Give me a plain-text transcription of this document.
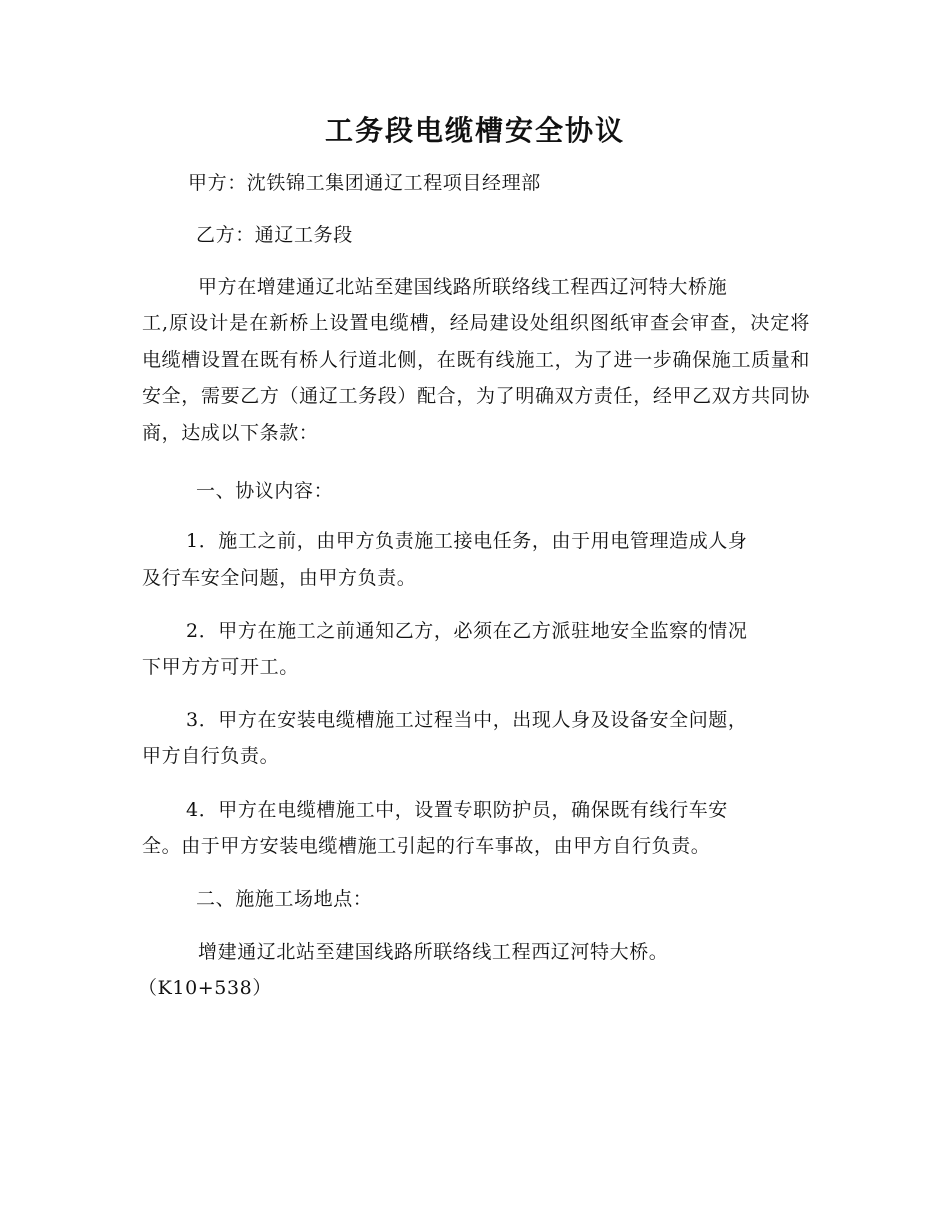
工务段电缆槽安全协议
甲方：沈铁锦工集团通辽工程项目经理部
乙方：通辽工务段
甲方在增建通辽北站至建国线路所联络线工程西辽河特大桥施
工,原设计是在新桥上设置电缆槽，经局建设处组织图纸审查会审查，决定将电缆槽设置在既有桥人行道北侧，在既有线施工，为了进一步确保施工质量和安全，需要乙方（通辽工务段）配合，为了明确双方责任，经甲乙双方共同协商，达成以下条款：
一、协议内容：
1．施工之前，由甲方负责施工接电任务，由于用电管理造成人身
及行车安全问题，由甲方负责。
2．甲方在施工之前通知乙方，必须在乙方派驻地安全监察的情况
下甲方方可开工。
3．甲方在安装电缆槽施工过程当中，出现人身及设备安全问题，
甲方自行负责。
4．甲方在电缆槽施工中，设置专职防护员，确保既有线行车安
全。由于甲方安装电缆槽施工引起的行车事故，由甲方自行负责。
二、施施工场地点：
增建通辽北站至建国线路所联络线工程西辽河特大桥。
（K10+538）
